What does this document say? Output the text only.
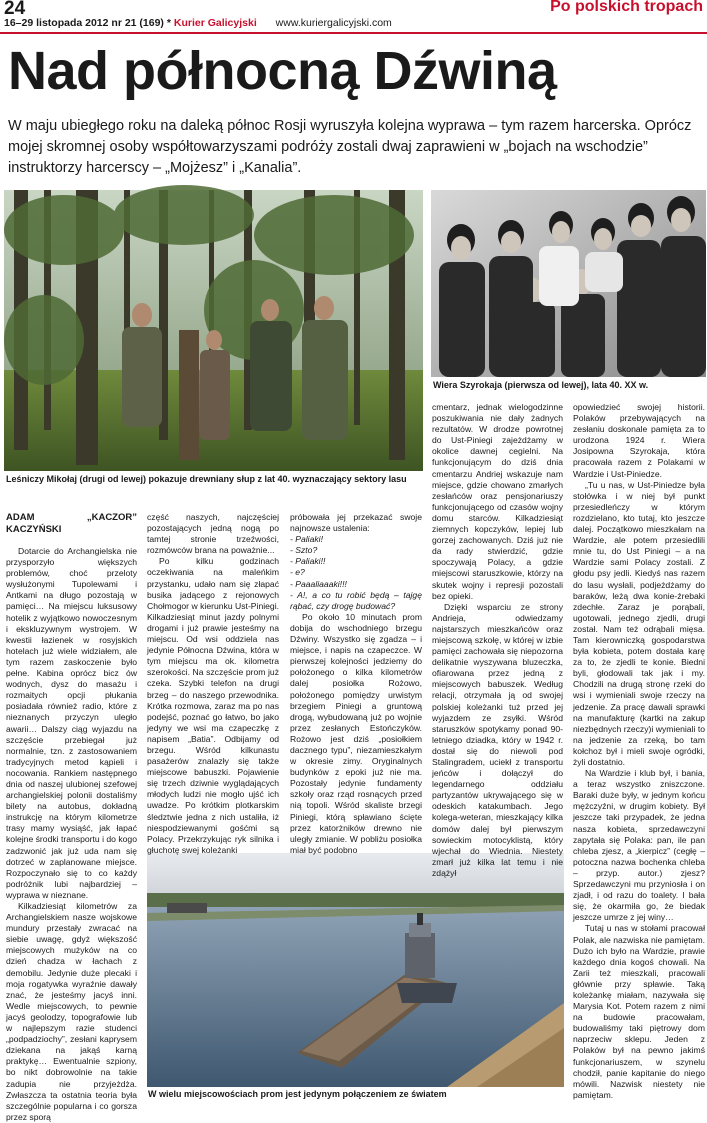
24
16–29 listopada 2012 nr 21 (169) * Kurier Galicyjski www.kuriergalicyjski.com
Po polskich tropach
Nad północną Dźwiną

W maju ubiegłego roku na daleką północ Rosji wyruszyła kolejna wyprawa – tym razem harcerska. Oprócz mojej skromnej osoby współtowarzyszami podróży zostali dwaj zaprawieni w „bojach na wschodzie” instruktorzy harcerscy – „Mojżesz” i „Kanalia”.

Leśniczy Mikołaj (drugi od lewej) pokazuje drewniany słup z lat 40. wyznaczający sektory lasu
Wiera Szyrokaja (pierwsza od lewej), lata 40. XX w.
W wielu miejscowościach prom jest jedynym połączeniem ze światem

ADAM „KACZOR” KACZYŃSKI

Dotarcie do Archangielska nie przysporzyło większych problemów, choć przeloty wysłużonymi Tupolewami i Antkami na długo pozostają w pamięci… Na miejscu luksusowy hotelik z wyjątkowo nowoczesnym i ekskluzywnym wystrojem. W kwestii łazienek w rosyjskich hotelach już wiele widziałem, ale tym razem zaskoczenie było pełne. Kabina oprócz bicz ów wodnych, dysz do masażu i rozmaitych opcji płukania posiadała również radio, które z nieznanych przyczyn uległo awarii… Dalszy ciąg wyjazdu na szczęście przebiegał już normalnie, tzn. z zastosowaniem tradycyjnych metod kąpieli i nocowania. Rankiem następnego dnia od naszej ulubionej szefowej archangielskiej polonii dostaliśmy bilety na autobus, dokładną instrukcję na którym kilometrze trasy mamy wysiąść, jak łapać kolejne środki transportu i do kogo zadzwonić jak już uda nam się dotrzeć w zaplanowane miejsce. Rozpoczynało się to co każdy podróżnik lubi najbardziej – wyprawa w nieznane.

Kilkadziesiąt kilometrów za Archangielskiem nasze wojskowe mundury przestały zwracać na siebie uwagę, gdyż większość miejscowych mużyków na co dzień chadza w łachach z demobilu. Jedynie duże plecaki i moja rogatywka wyraźnie dawały znać, że jesteśmy jacyś inni. Wedle miejscowych, to pewnie jacyś geolodzy, topografowie lub w najlepszym razie studenci „podpadziochy”, zesłani kaprysem dziekana na jakąś karną praktykę… Ewentualnie szpiony, bo nikt dobrowolnie na takie zadupia nie przyjeżdża. Zwłaszcza ta ostatnia teoria była szczególnie popularna i co gorsza przez sporą

część naszych, najczęściej pozostających jedną nogą po tamtej stronie trzeźwości, rozmówców brana na poważnie...

Po kilku godzinach oczekiwania na maleńkim przystanku, udało nam się złapać busika jadącego z rejonowych Chołmogor w kierunku Ust-Piniegi. Kilkadziesiąt minut jazdy polnymi drogami i już prawie jesteśmy na miejscu. Od wsi oddziela nas jedynie Północna Dźwina, która w tym miejscu ma ok. kilometra szerokości. Na szczęście prom już czeka. Szybki telefon na drugi brzeg – do naszego przewodnika. Krótka rozmowa, zaraz ma po nas podejść, poznać go łatwo, bo jako jedyny we wsi ma czapeczkę z napisem „Batia”. Odbijamy od brzegu. Wśród kilkunastu pasażerów znalazły się także miejscowe babuszki. Pojawienie się trzech dziwnie wyglądających młodych ludzi nie mogło ujść ich uwadze. Po krótkim plotkarskim śledztwie jedna z nich ustaliła, iż niespodziewanymi gośćmi są Polacy. Przekrzykując ryk silnika i głuchotę swej koleżanki

próbowała jej przekazać swoje najnowsze ustalenia:

- Paliaki!

- Szto?

- Paliaki!!

- e?

- Paaaliaaaki!!!

- A!, a co tu robić będą – tajgę rąbać, czy drogę budować?

Po około 10 minutach prom dobija do wschodniego brzegu Dźwiny. Wszystko się zgadza – i miejsce, i napis na czapeczce. W pierwszej kolejności jedziemy do położonego o kilka kilometrów dalej posiołka Rożowo, położonego pomiędzy urwistym brzegiem Piniegi a gruntową drogą, wybudowaną już po wojnie przez zesłanych Estończyków. Rożowo jest dziś „posiołkiem dacznego typu”, niezamieszkałym w okresie zimy. Oryginalnych budynków z epoki już nie ma. Pozostały jedynie fundamenty szkoły oraz rząd rosnących przed nią topoli. Wśród skaliste brzegi Piniegi, którą spławiano ścięte przez katorżników drewno nie uległy zmianie. W pobliżu posiołka miał być podobno

cmentarz, jednak wielogodzinne poszukiwania nie dały żadnych rezultatów. W drodze powrotnej do Ust-Piniegi zajeżdżamy w okolice dawnej cegielni. Na funkcjonującym do dziś dnia cmentarzu Andriej wskazuje nam miejsce, gdzie chowano zmarłych zesłańców oraz pensjonariuszy funkcjonującego od czasów wojny domu starców. Kilkadziesiąt ziemnych kopczyków, lepiej lub gorzej zachowanych. Dziś już nie da rady stwierdzić, gdzie spoczywają Polacy, a gdzie miejscowi staruszkowie, którzy na skutek wojny i represji pozostali bez opieki.

Dzięki wsparciu ze strony Andrieja, odwiedzamy najstarszych mieszkańców oraz miejscową szkołę, w której w izbie pamięci zachowała się niepozorna delikatnie wyszywana bluzeczka, ofiarowana przez jedną z miejscowych babuszek. Według relacji, otrzymała ją od swojej polskiej koleżanki tuż przed jej wyjazdem ze zsyłki. Wśród staruszków spotykamy ponad 90-letniego dziadka, który w 1942 r. dostał się do niewoli pod Stalingradem, uciekł z transportu jeńców i dołączył do legendarnego oddziału partyzantów ukrywającego się w odeskich katakumbach. Jego kolega-weteran, mieszkający kilka domów dalej był pierwszym sowieckim motocyklistą, który wjechał do Wiednia. Niestety zmarł już kilka lat temu i nie zdążył

opowiedzieć swojej historii. Polaków przebywających na zesłaniu doskonale pamięta za to urodzona 1924 r. Wiera Josipowna Szyrokaja, która pracowała razem z Polakami w Wardzie i Ust-Piniedze.

„Tu u nas, w Ust-Piniedze była stołówka i w niej był punkt przesiedleńczy w którym rozdzielano, kto tutaj, kto jeszcze dalej. Początkowo mieszkałam na Wardzie, ale potem przesiedlili mnie tu, do Ust Piniegi – a na Wardzie sami Polacy zostali. Z głodu psy jedli. Kiedyś nas razem do lasu wysłali, podjeżdżamy do baraków, leżą dwa konie-źrebaki zdechłe. Zaraz je porąbali, ugotowali, jednego zjedli, drugi został. Nam też odrąbali mięsa. Tam kierowniczką gospodarstwa była kobieta, potem dostała karę za to, że zjedli te konie. Biedni byli, głodowali tak jak i my. Chodzili na drugą stronę rzeki do wsi i wymieniali swoje rzeczy na jedzenie. Za pracę dawali sprawki na manufakturę (kartki na zakup niezbędnych rzeczy)i wymieniali to na jedzenie za rzeką, bo tam kołchoz był i mieli swoje ogródki, żyli dostatnio.

Na Wardzie i klub był, i bania, a teraz wszystko zniszczone. Baraki duże były, w jednym końcu mężczyźni, w drugim kobiety. Był jeszcze taki przypadek, że jedna nasza kobieta, sprzedawczyni zapytała się Polaka: pan, ile pan chleba zjesz, a „kierpicz” (cegłę – potoczna nazwa bochenka chleba – przyp. autor.) zjesz? Sprzedawczyni mu przyniosła i on zjadł, i od razu do toalety. I bała się, że okarmiła go, że biedak jeszcze umrze z jej winy…

Tutaj u nas w stołami pracował Polak, ale nazwiska nie pamiętam. Dużo ich było na Wardzie, prawie każdego dnia kogoś chowali. Na Zarii też mieszkali, pracowali głównie przy spławie. Taką koleżankę miałam, nazywała się Marysia Kot. Potem razem z nimi na budowie pracowałam, budowaliśmy taki piętrowy dom naprzeciw sklepu. Jeden z Polaków był na pewno jakimś funkcjonariuszem, w szynelu chodził, panie kapitanie do niego mówili. Nazwisk niestety nie pamiętam.
